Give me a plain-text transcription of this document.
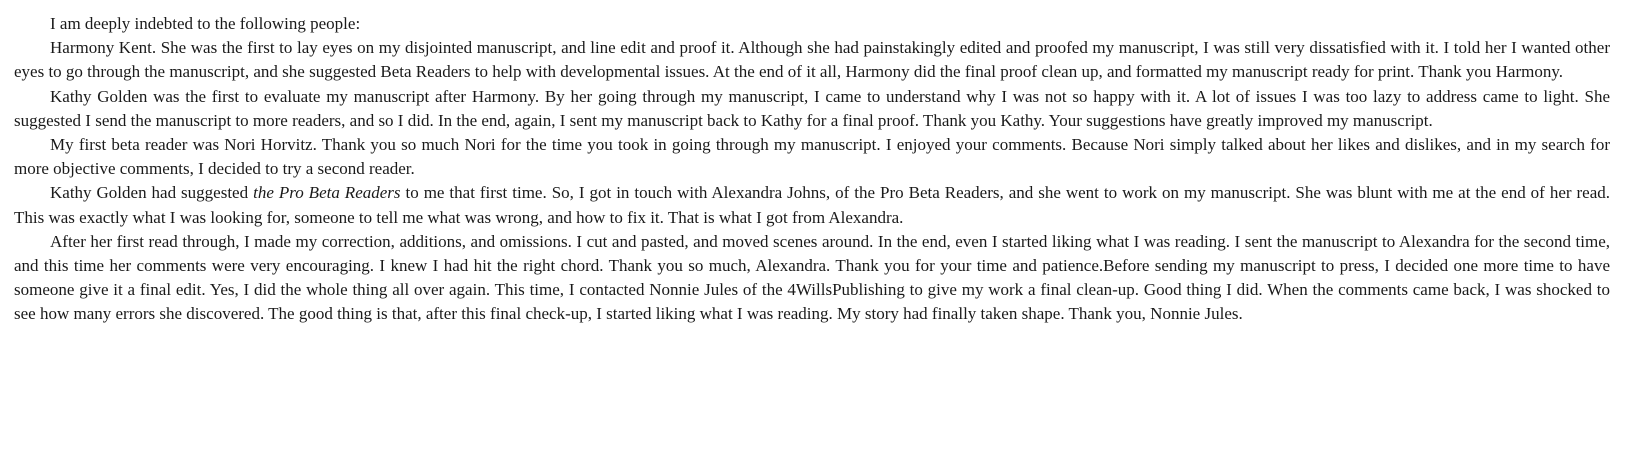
I am deeply indebted to the following people:

Harmony Kent. She was the first to lay eyes on my disjointed manuscript, and line edit and proof it. Although she had painstakingly edited and proofed my manuscript, I was still very dissatisfied with it. I told her I wanted other eyes to go through the manuscript, and she suggested Beta Readers to help with developmental issues. At the end of it all, Harmony did the final proof clean up, and formatted my manuscript ready for print. Thank you Harmony.

Kathy Golden was the first to evaluate my manuscript after Harmony. By her going through my manuscript, I came to understand why I was not so happy with it. A lot of issues I was too lazy to address came to light. She suggested I send the manuscript to more readers, and so I did. In the end, again, I sent my manuscript back to Kathy for a final proof. Thank you Kathy. Your suggestions have greatly improved my manuscript.

My first beta reader was Nori Horvitz. Thank you so much Nori for the time you took in going through my manuscript. I enjoyed your comments. Because Nori simply talked about her likes and dislikes, and in my search for more objective comments, I decided to try a second reader.

Kathy Golden had suggested the Pro Beta Readers to me that first time. So, I got in touch with Alexandra Johns, of the Pro Beta Readers, and she went to work on my manuscript. She was blunt with me at the end of her read. This was exactly what I was looking for, someone to tell me what was wrong, and how to fix it. That is what I got from Alexandra.

After her first read through, I made my correction, additions, and omissions. I cut and pasted, and moved scenes around. In the end, even I started liking what I was reading. I sent the manuscript to Alexandra for the second time, and this time her comments were very encouraging. I knew I had hit the right chord. Thank you so much, Alexandra. Thank you for your time and patience.Before sending my manuscript to press, I decided one more time to have someone give it a final edit. Yes, I did the whole thing all over again. This time, I contacted Nonnie Jules of the 4WillsPublishing to give my work a final clean-up. Good thing I did. When the comments came back, I was shocked to see how many errors she discovered. The good thing is that, after this final check-up, I started liking what I was reading. My story had finally taken shape. Thank you, Nonnie Jules.
